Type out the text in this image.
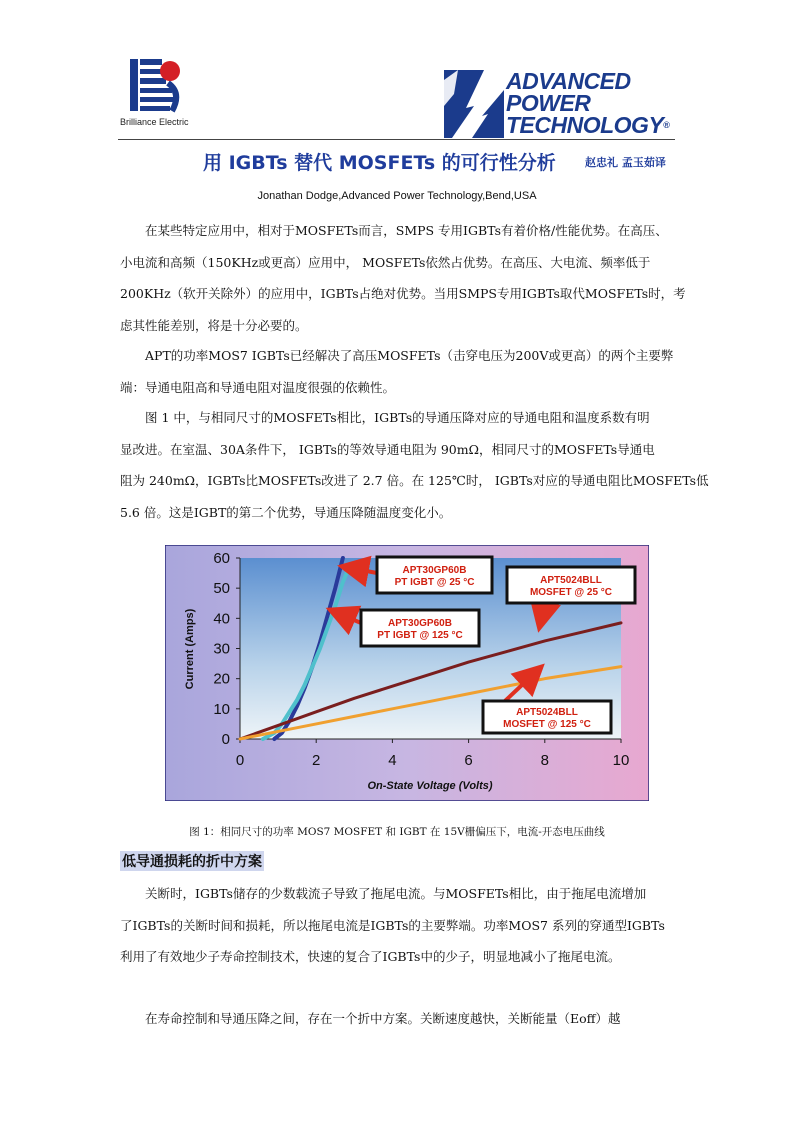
Brilliance Electric
ADVANCED
POWER
TECHNOLOGY®
用 IGBTs 替代 MOSFETs 的可行性分析	赵忠礼 孟玉茹译
Jonathan Dodge,Advanced Power Technology,Bend,USA
　　在某些特定应用中，相对于MOSFETs而言，SMPS 专用IGBTs有着价格/性能优势。在高压、
小电流和高频（150KHz或更高）应用中， MOSFETs依然占优势。在高压、大电流、频率低于
200KHz（软开关除外）的应用中，IGBTs占绝对优势。当用SMPS专用IGBTs取代MOSFETs时，考
虑其性能差别，将是十分必要的。
　　APT的功率MOS7 IGBTs已经解决了高压MOSFETs（击穿电压为200V或更高）的两个主要弊
端：导通电阻高和导通电阻对温度很强的依赖性。
　　图 1 中，与相同尺寸的MOSFETs相比，IGBTs的导通压降对应的导通电阻和温度系数有明
显改进。在室温、30A条件下， IGBTs的等效导通电阻为 90mΩ，相同尺寸的MOSFETs导通电
阻为 240mΩ，IGBTs比MOSFETs改进了 2.7 倍。在 125℃时， IGBTs对应的导通电阻比MOSFETs低
5.6 倍。这是IGBT的第二个优势，导通压降随温度变化小。
0	2	4	6	8	10
0
10
20
30
40
50
60
APT30GP60B
PT IGBT @ 25 °C	APT5024BLL
MOSFET @ 25 °C
APT30GP60B
PT IGBT @ 125 °C
APT5024BLL
MOSFET @ 125 °C
On-State Voltage (Volts)
Current (Amps)
图 1：相同尺寸的功率 MOS7 MOSFET 和 IGBT 在 15V栅偏压下，电流-开态电压曲线
低导通损耗的折中方案
　　关断时，IGBTs储存的少数载流子导致了拖尾电流。与MOSFETs相比，由于拖尾电流增加
了IGBTs的关断时间和损耗，所以拖尾电流是IGBTs的主要弊端。功率MOS7 系列的穿通型IGBTs
利用了有效地少子寿命控制技术，快速的复合了IGBTs中的少子，明显地减小了拖尾电流。
　　在寿命控制和导通压降之间，存在一个折中方案。关断速度越快，关断能量（Eoff）越
